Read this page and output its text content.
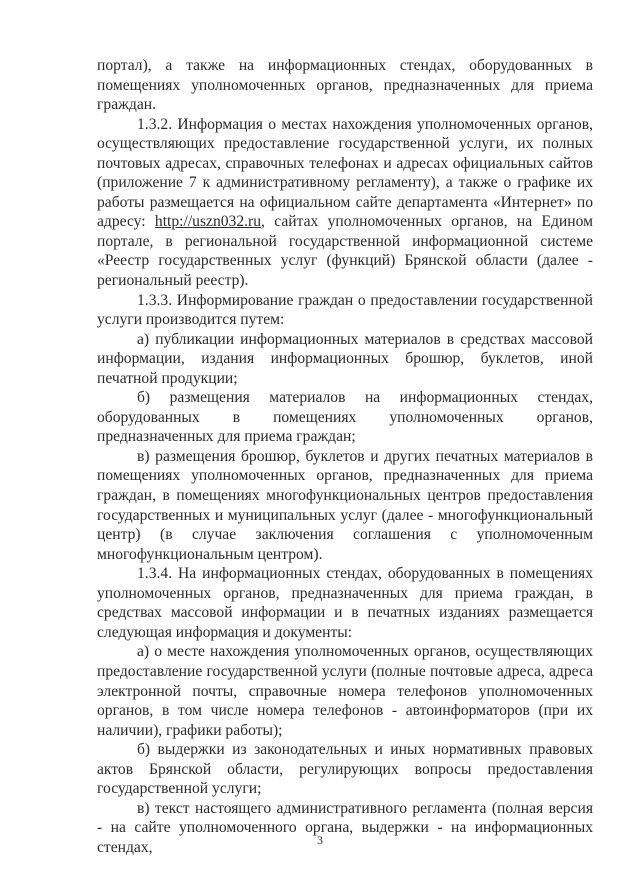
портал), а также на информационных стендах, оборудованных в помещениях уполномоченных органов, предназначенных для приема граждан.

1.3.2. Информация о местах нахождения уполномоченных органов, осуществляющих предоставление государственной услуги, их полных почтовых адресах, справочных телефонах и адресах официальных сайтов (приложение 7 к административному регламенту), а также о графике их работы размещается на официальном сайте департамента «Интернет» по адресу: http://uszn032.ru, сайтах уполномоченных органов, на Едином портале, в региональной государственной информационной системе «Реестр государственных услуг (функций) Брянской области (далее - региональный реестр).

1.3.3. Информирование граждан о предоставлении государственной услуги производится путем:

а) публикации информационных материалов в средствах массовой информации, издания информационных брошюр, буклетов, иной печатной продукции;

б) размещения материалов на информационных стендах, оборудованных в помещениях уполномоченных органов, предназначенных для приема граждан;

в) размещения брошюр, буклетов и других печатных материалов в помещениях уполномоченных органов, предназначенных для приема граждан, в помещениях многофункциональных центров предоставления государственных и муниципальных услуг (далее - многофункциональный центр) (в случае заключения соглашения с уполномоченным многофункциональным центром).

1.3.4. На информационных стендах, оборудованных в помещениях уполномоченных органов, предназначенных для приема граждан, в средствах массовой информации и в печатных изданиях размещается следующая информация и документы:

а) о месте нахождения уполномоченных органов, осуществляющих предоставление государственной услуги (полные почтовые адреса, адреса электронной почты, справочные номера телефонов уполномоченных органов, в том числе номера телефонов - автоинформаторов (при их наличии), графики работы);

б) выдержки из законодательных и иных нормативных правовых актов Брянской области, регулирующих вопросы предоставления государственной услуги;

в) текст настоящего административного регламента (полная версия - на сайте уполномоченного органа, выдержки - на информационных стендах,	3
